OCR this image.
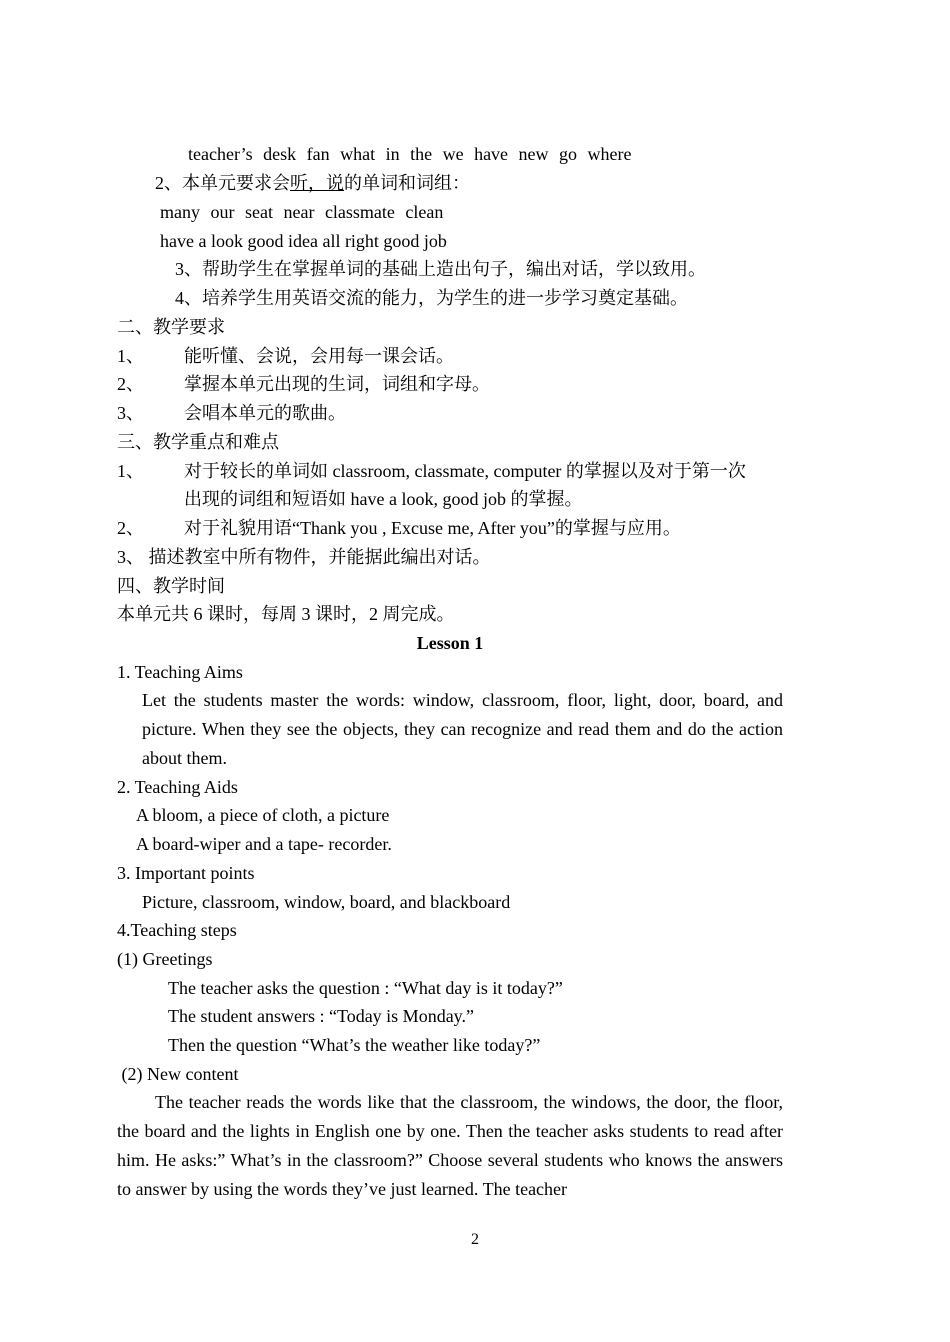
teacher’s desk fan what in the we have new go where
2、本单元要求会听，说的单词和词组：
many our seat near classmate clean
have a look good idea all right good job
3、帮助学生在掌握单词的基础上造出句子，编出对话，学以致用。
4、培养学生用英语交流的能力，为学生的进一步学习奠定基础。
二、教学要求
1、 能听懂、会说，会用每一课会话。
2、 掌握本单元出现的生词，词组和字母。
3、 会唱本单元的歌曲。
三、教学重点和难点
1、 对于较长的单词如 classroom, classmate, computer 的掌握以及对于第一次
出现的词组和短语如 have a look, good job 的掌握。
2、 对于礼貌用语“Thank you , Excuse me, After you”的掌握与应用。
3、 描述教室中所有物件，并能据此编出对话。
四、教学时间
本单元共 6 课时，每周 3 课时，2 周完成。
Lesson 1
1. Teaching Aims
Let the students master the words: window, classroom, floor, light, door, board, and picture. When they see the objects, they can recognize and read them and do the action about them.
2. Teaching Aids
A bloom, a piece of cloth, a picture
A board-wiper and a tape- recorder.
3. Important points
Picture, classroom, window, board, and blackboard
4.Teaching steps
(1) Greetings
The teacher asks the question : “What day is it today?”
The student answers : “Today is Monday.”
Then the question “What’s the weather like today?”
(2) New content
The teacher reads the words like that the classroom, the windows, the door, the floor, the board and the lights in English one by one. Then the teacher asks students to read after him. He asks:” What’s in the classroom?” Choose several students who knows the answers to answer by using the words they’ve just learned. The teacher
2
